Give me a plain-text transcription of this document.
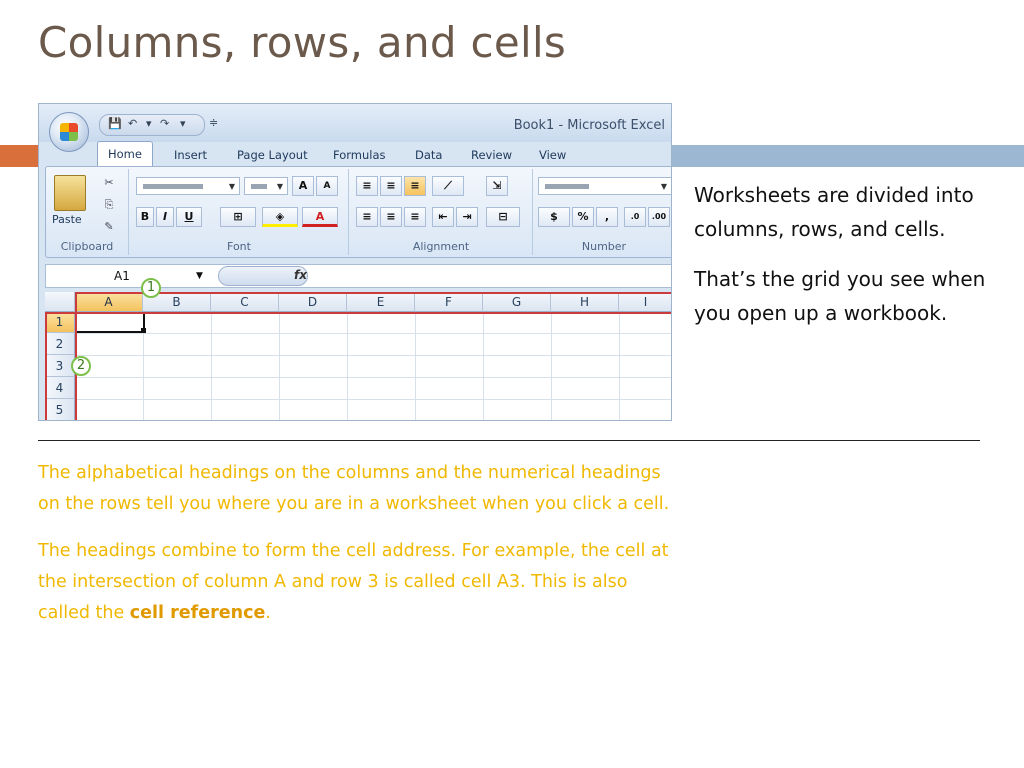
Columns, rows, and cells
💾 ↶ ▾ ↷ ▾ ≑	Book1 - Microsoft Excel
Home	Insert	Page Layout Formulas	Data Review View
Paste
✂
⎘
✎
Clipboard
▼	▼	A	A
B	I	U	⊞	◈	A
Font
≡	≡	≡	⟋	⇲
≡	≡	≡	⇤	⇥	⊟
Alignment
▼
$	%	,	.0	.00
Number
A1	▼	fx
A	B	C	D	E	F	G	H	I
1
2
3
4
5
1
2

Worksheets are divided into columns, rows, and cells.

That’s the grid you see when you open up a workbook.

The alphabetical headings on the columns and the numerical headings on the rows tell you where you are in a worksheet when you click a cell.

The headings combine to form the cell address. For example, the cell at the intersection of column A and row 3 is called cell A3. This is also called the cell reference.
